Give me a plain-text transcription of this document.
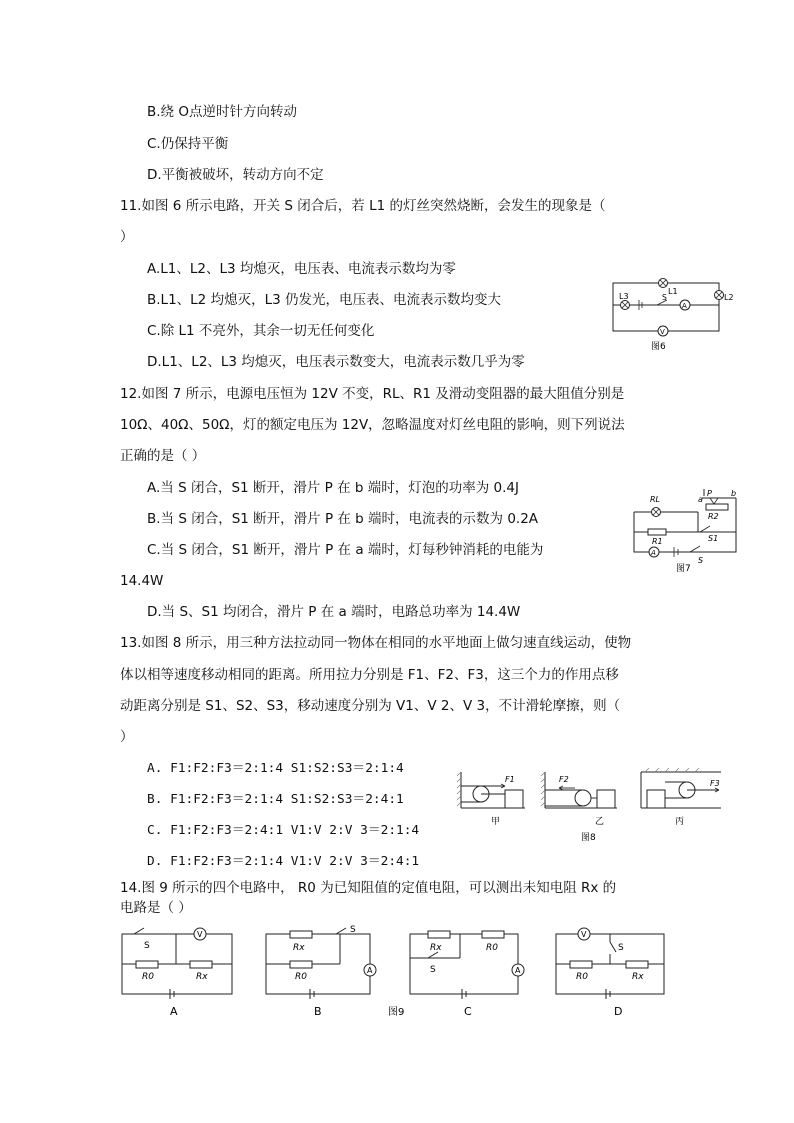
B.绕 O点逆时针方向转动
C.仍保持平衡
D.平衡被破坏，转动方向不定
11.如图 6 所示电路，开关 S 闭合后，若 L1 的灯丝突然烧断，会发生的现象是（
）
A.L1、L2、L3 均熄灭，电压表、电流表示数均为零
B.L1、L2 均熄灭，L3 仍发光，电压表、电流表示数均变大
C.除 L1 不亮外，其余一切无任何变化
D.L1、L2、L3 均熄灭，电压表示数变大，电流表示数几乎为零
L1
L2
L3	S
A
V
图6
12.如图 7 所示，电源电压恒为 12V 不变，RL、R1 及滑动变阻器的最大阻值分别是
10Ω、40Ω、50Ω，灯的额定电压为 12V，忽略温度对灯丝电阻的影响，则下列说法
正确的是（ ）
A.当 S 闭合，S1 断开，滑片 P 在 b 端时，灯泡的功率为 0.4J
B.当 S 闭合，S1 断开，滑片 P 在 b 端时，电流表的示数为 0.2A
C.当 S 闭合，S1 断开，滑片 P 在 a 端时，灯每秒钟消耗的电能为
14.4W
D.当 S、S1 均闭合，滑片 P 在 a 端时，电路总功率为 14.4W
RL	a
P b
R2
R1	S1
A
S
图7
13.如图 8 所示，用三种方法拉动同一物体在相同的水平地面上做匀速直线运动，使物
体以相等速度移动相同的距离。所用拉力分别是 F1、F2、F3，这三个力的作用点移
动距离分别是 S1、S2、S3，移动速度分别为 V1、V 2、V 3，不计滑轮摩擦，则（
）
A. F1:F2:F3＝2:1:4 S1:S2:S3＝2:1:4
B. F1:F2:F3＝2:1:4 S1:S2:S3＝2:4:1
C. F1:F2:F3＝2:4:1 V1:V 2:V 3＝2:1:4
D. F1:F2:F3＝2:1:4 V1:V 2:V 3＝2:4:1
F1	F2	F3
甲	乙	丙
图8
14.图 9 所示的四个电路中， R0 为已知阻值的定值电阻，可以测出未知电阻 Rx 的
电路是（ ）
V
S
R0	Rx
A
Rx
S
R0
A
B	图9
Rx	R0
S	A
C
V
S
R0	Rx
D
